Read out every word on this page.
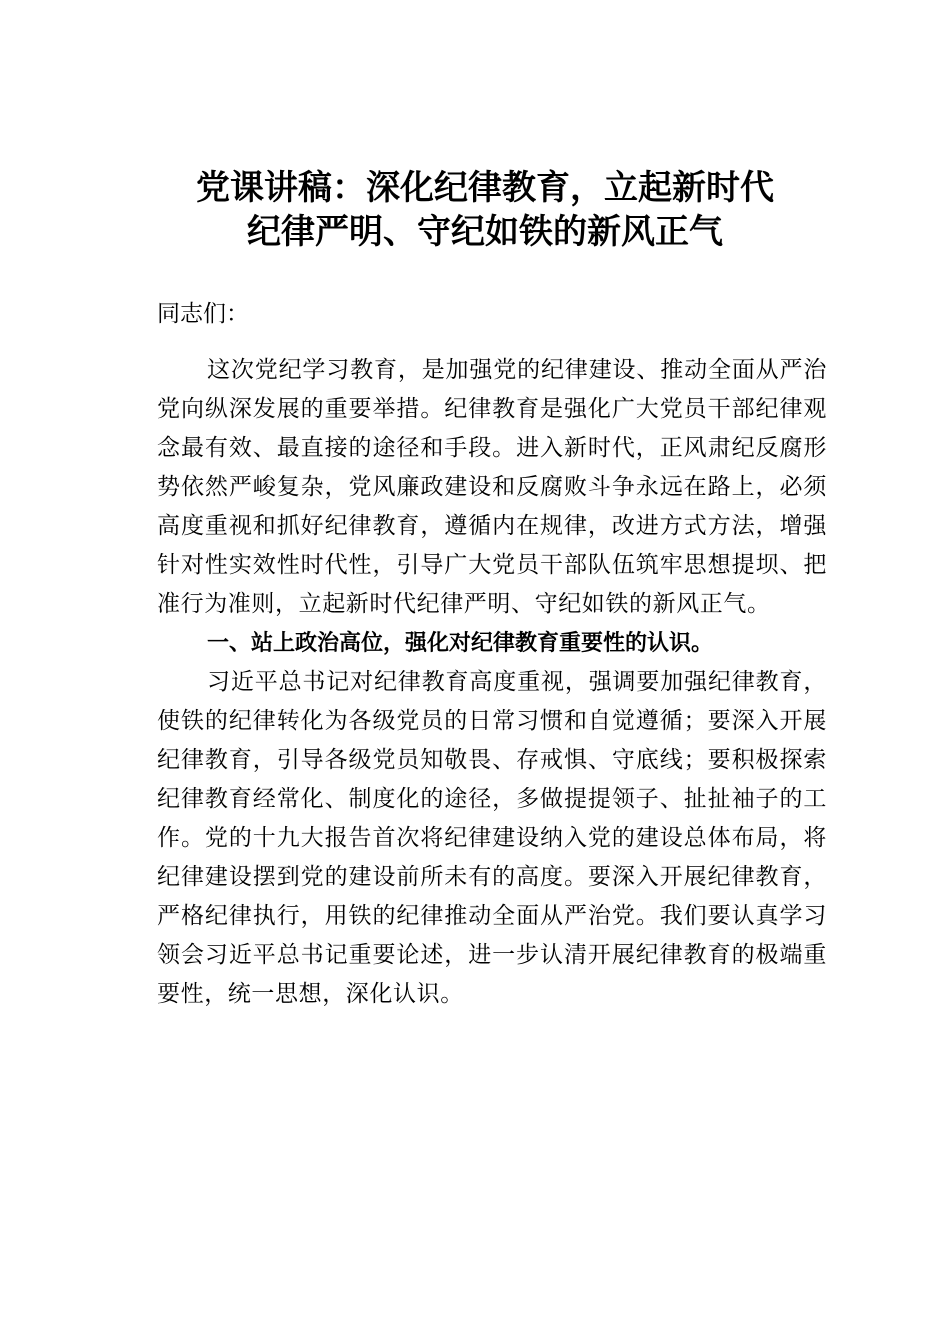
党课讲稿：深化纪律教育，立起新时代
纪律严明、守纪如铁的新风正气

同志们：

这次党纪学习教育，是加强党的纪律建设、推动全面从严治党向纵深发展的重要举措。纪律教育是强化广大党员干部纪律观念最有效、最直接的途径和手段。进入新时代，正风肃纪反腐形势依然严峻复杂，党风廉政建设和反腐败斗争永远在路上，必须高度重视和抓好纪律教育，遵循内在规律，改进方式方法，增强针对性实效性时代性，引导广大党员干部队伍筑牢思想提坝、把准行为准则，立起新时代纪律严明、守纪如铁的新风正气。

一、站上政治高位，强化对纪律教育重要性的认识。

习近平总书记对纪律教育高度重视，强调要加强纪律教育，使铁的纪律转化为各级党员的日常习惯和自觉遵循；要深入开展纪律教育，引导各级党员知敬畏、存戒惧、守底线；要积极探索纪律教育经常化、制度化的途径，多做提提领子、扯扯袖子的工作。党的十九大报告首次将纪律建设纳入党的建设总体布局，将纪律建设摆到党的建设前所未有的高度。要深入开展纪律教育，严格纪律执行，用铁的纪律推动全面从严治党。我们要认真学习领会习近平总书记重要论述，进一步认清开展纪律教育的极端重要性，统一思想，深化认识。
